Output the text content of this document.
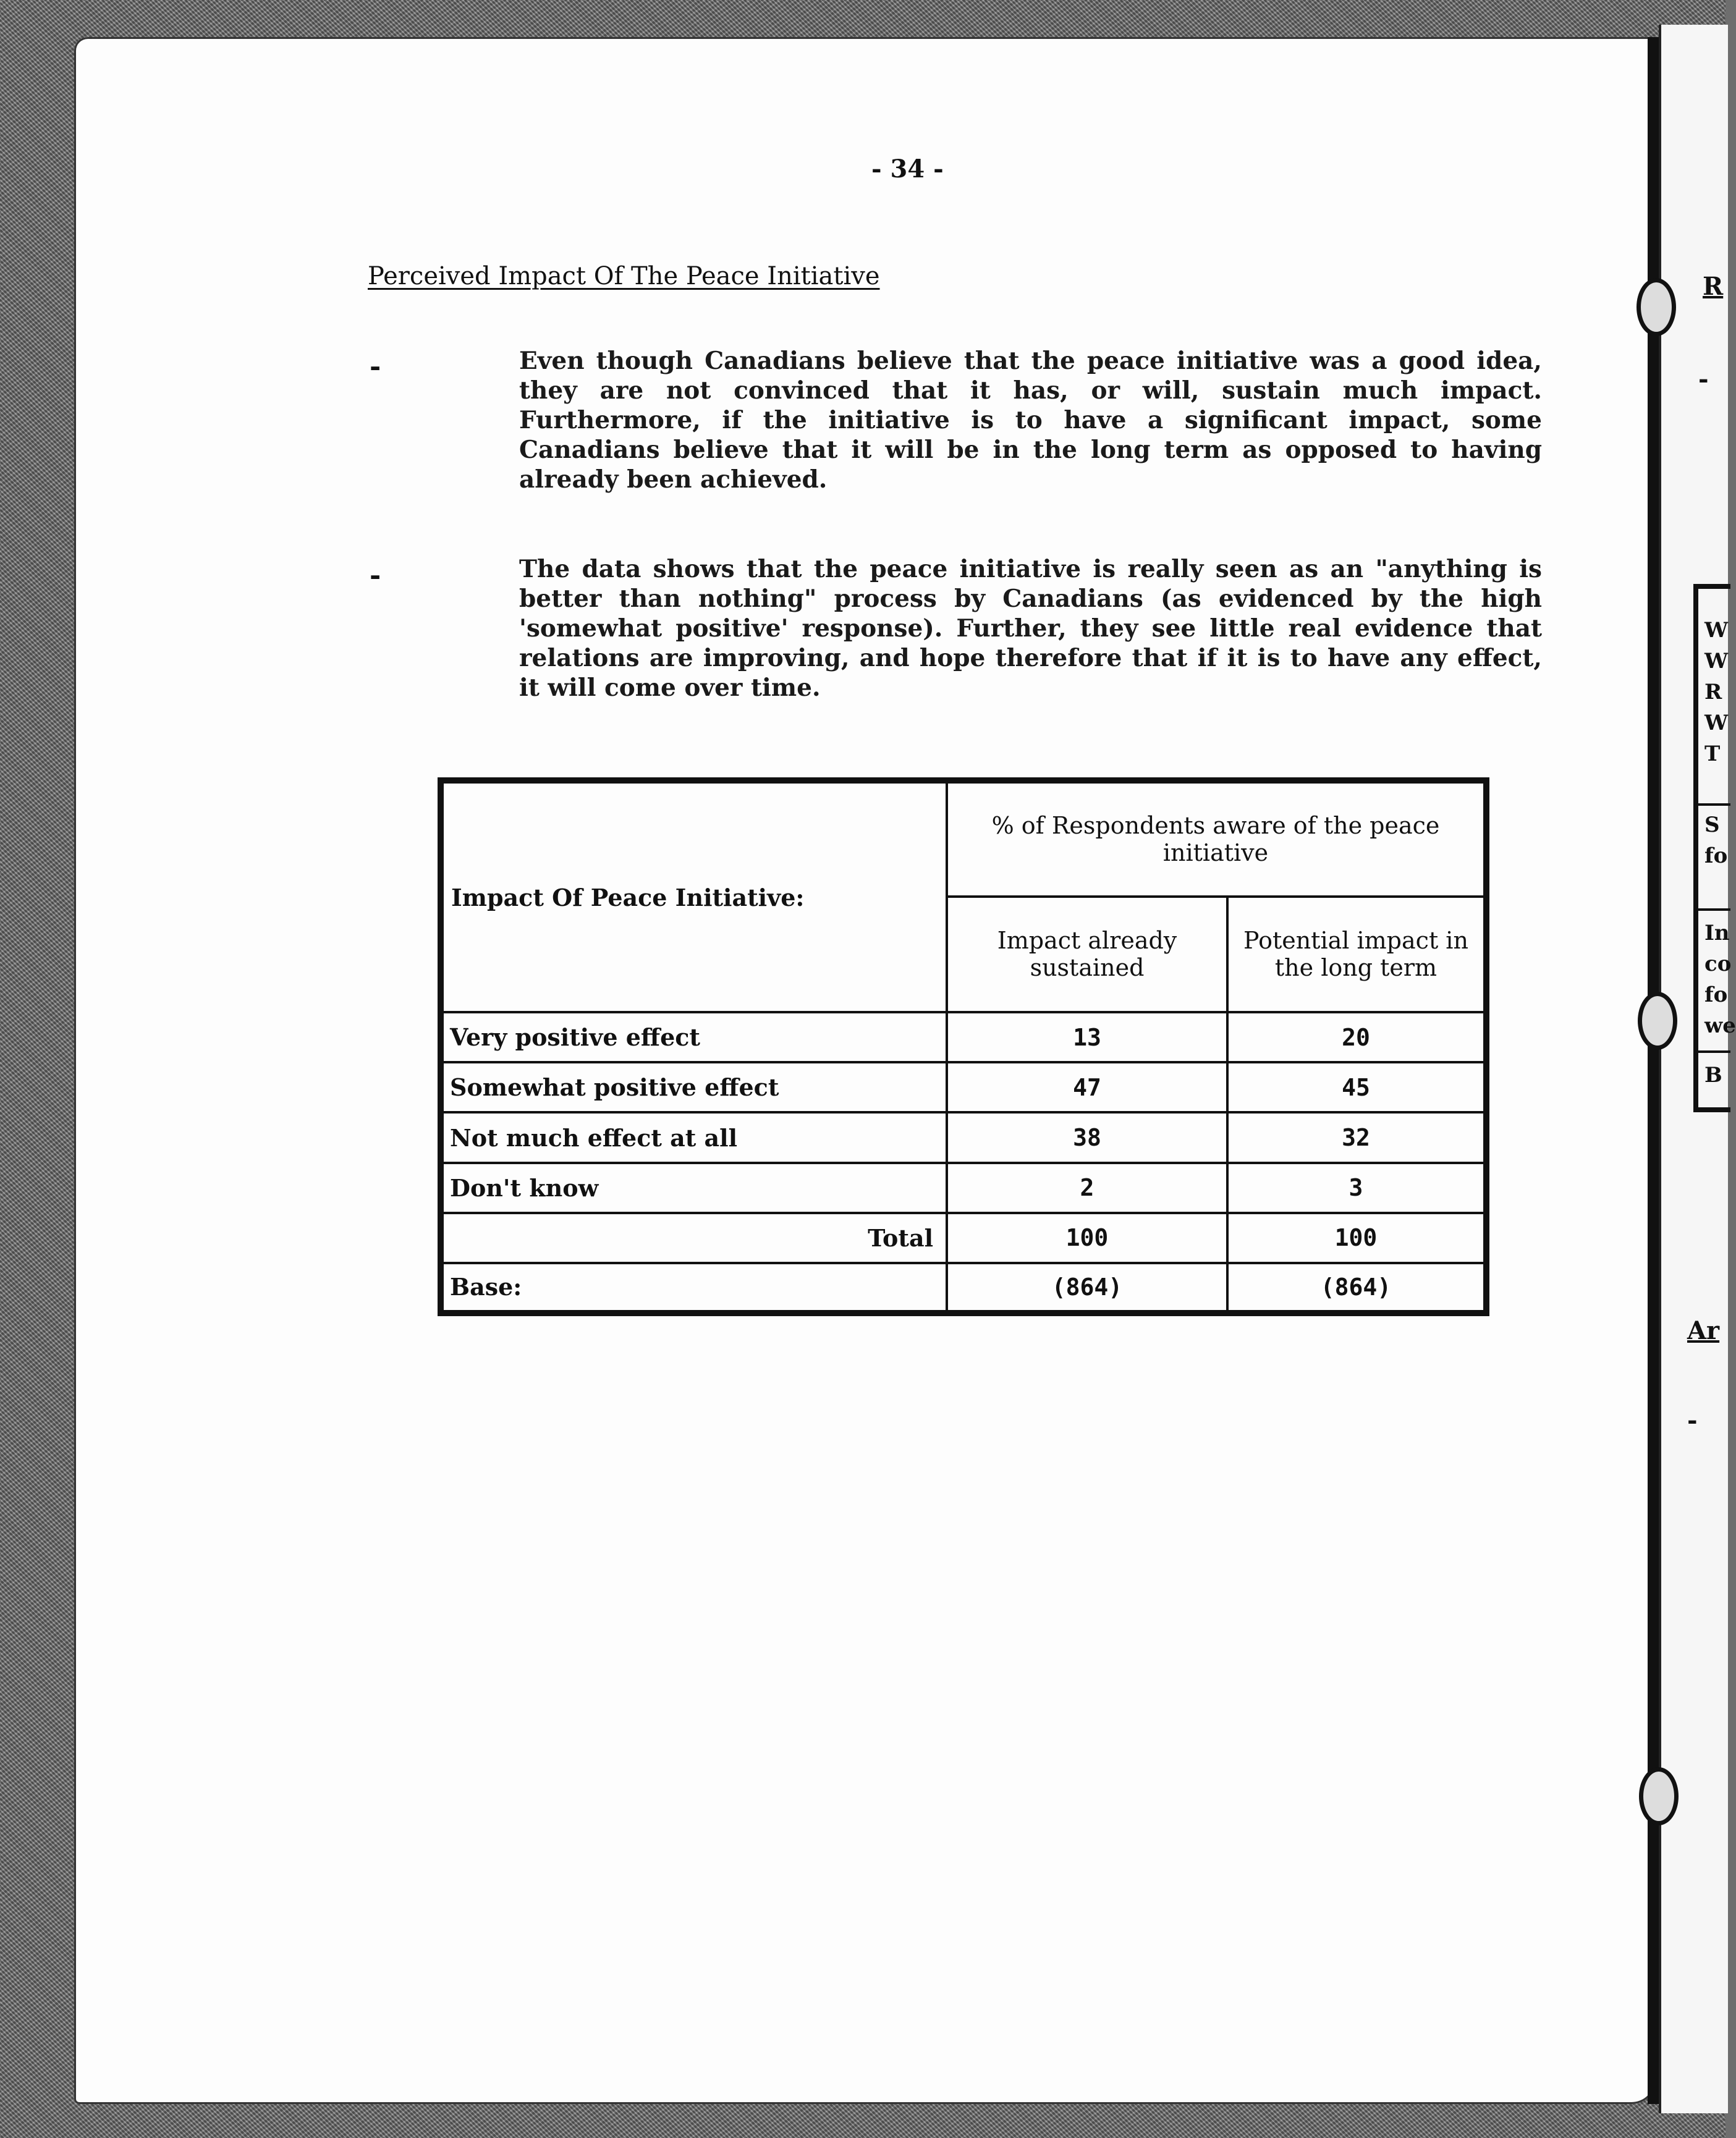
- 34 -
Perceived Impact Of The Peace Initiative
-	Even though Canadians believe that the peace initiative was a good idea, they are not convinced that it has, or will, sustain much impact. Furthermore, if the initiative is to have a significant impact, some Canadians believe that it will be in the long term as opposed to having already been achieved.
-	The data shows that the peace initiative is really seen as an "anything is better than nothing" process by Canadians (as evidenced by the high 'somewhat positive' response). Further, they see little real evidence that relations are improving, and hope therefore that if it is to have any effect, it will come over time.
Impact Of Peace Initiative:	% of Respondents aware of the peace initiative	
	Impact already sustained	Potential impact in the long term
Very positive effect	13	20
Somewhat positive effect	47	45
Not much effect at all	38	32
Don't know	2	3
Total	100	100
Base:	(864)	(864)
R
-
W
W
R
W
T
S
fo
In
co
fo
we
B
Ar
-
